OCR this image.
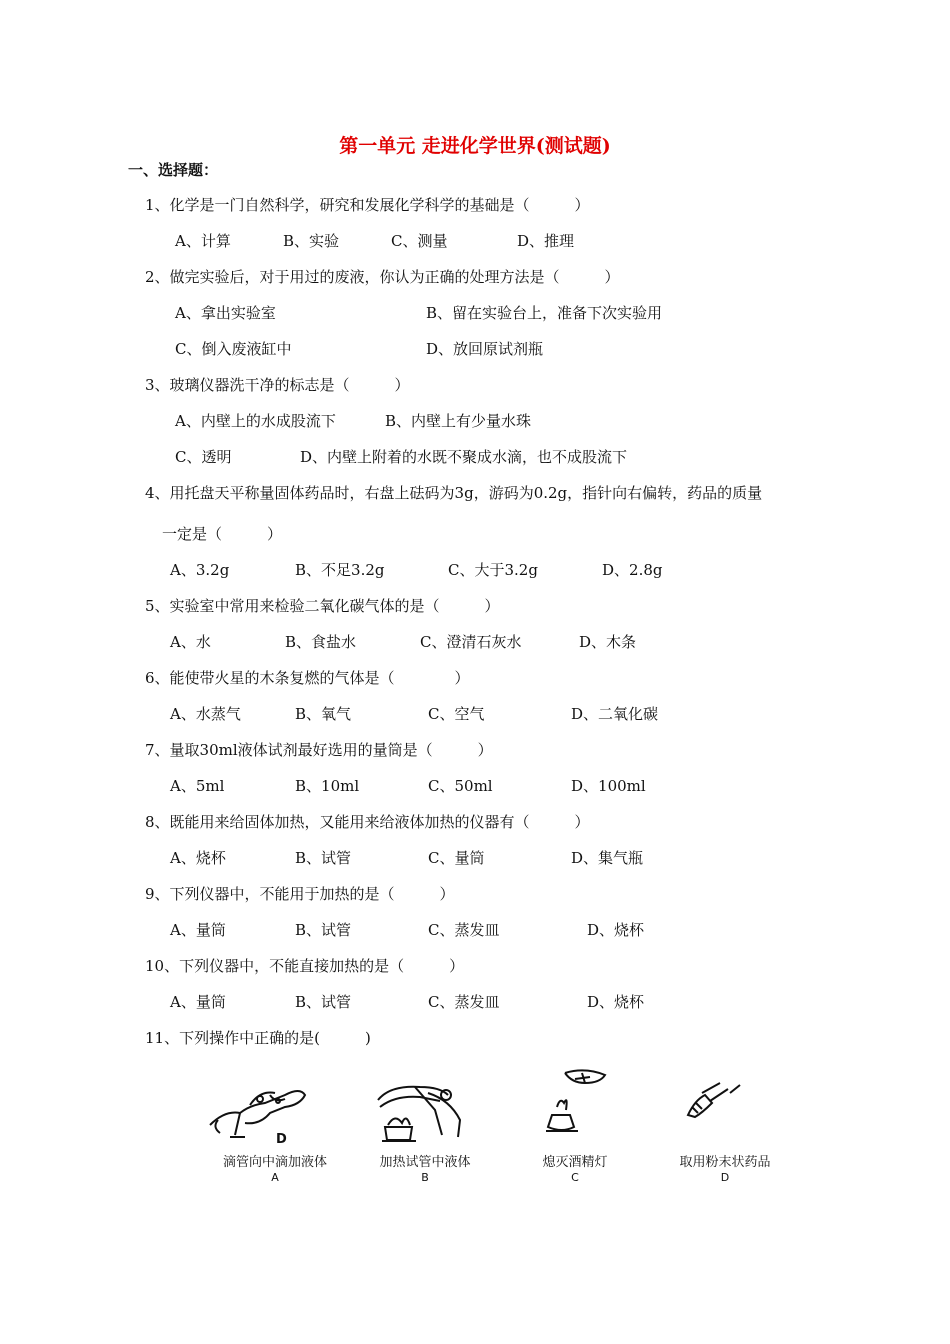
第一单元 走进化学世界(测试题)
一、选择题：
1、化学是一门自然科学，研究和发展化学科学的基础是（　　　）
A、计算	B、实验	C、测量	D、推理
2、做完实验后，对于用过的废液，你认为正确的处理方法是（　　　）
A、拿出实验室	B、留在实验台上，准备下次实验用
C、倒入废液缸中	D、放回原试剂瓶
3、玻璃仪器洗干净的标志是（　　　）
A、内壁上的水成股流下	B、内壁上有少量水珠
C、透明	D、内壁上附着的水既不聚成水滴，也不成股流下
4、用托盘天平称量固体药品时，右盘上砝码为3g，游码为0.2g，指针向右偏转，药品的质量
一定是（　　　）
A、3.2g	B、不足3.2g	C、大于3.2g	D、2.8g
5、实验室中常用来检验二氧化碳气体的是（　　　）
A、水	B、食盐水	C、澄清石灰水	D、木条
6、能使带火星的木条复燃的气体是（　　　　）
A、水蒸气	B、氧气	C、空气	D、二氧化碳
7、量取30ml液体试剂最好选用的量筒是（　　　）
A、5ml	B、10ml	C、50ml	D、100ml
8、既能用来给固体加热，又能用来给液体加热的仪器有（　　　）
A、烧杯	B、试管	C、量筒	D、集气瓶
9、下列仪器中，不能用于加热的是（　　　）
A、量筒	B、试管	C、蒸发皿	D、烧杯
10、下列仪器中，不能直接加热的是（　　　）
A、量筒	B、试管	C、蒸发皿	D、烧杯
11、下列操作中正确的是(　　　)
D
滴管向中滴加液体
A
加热试管中液体
B
熄灭酒精灯
C
取用粉末状药品
D
